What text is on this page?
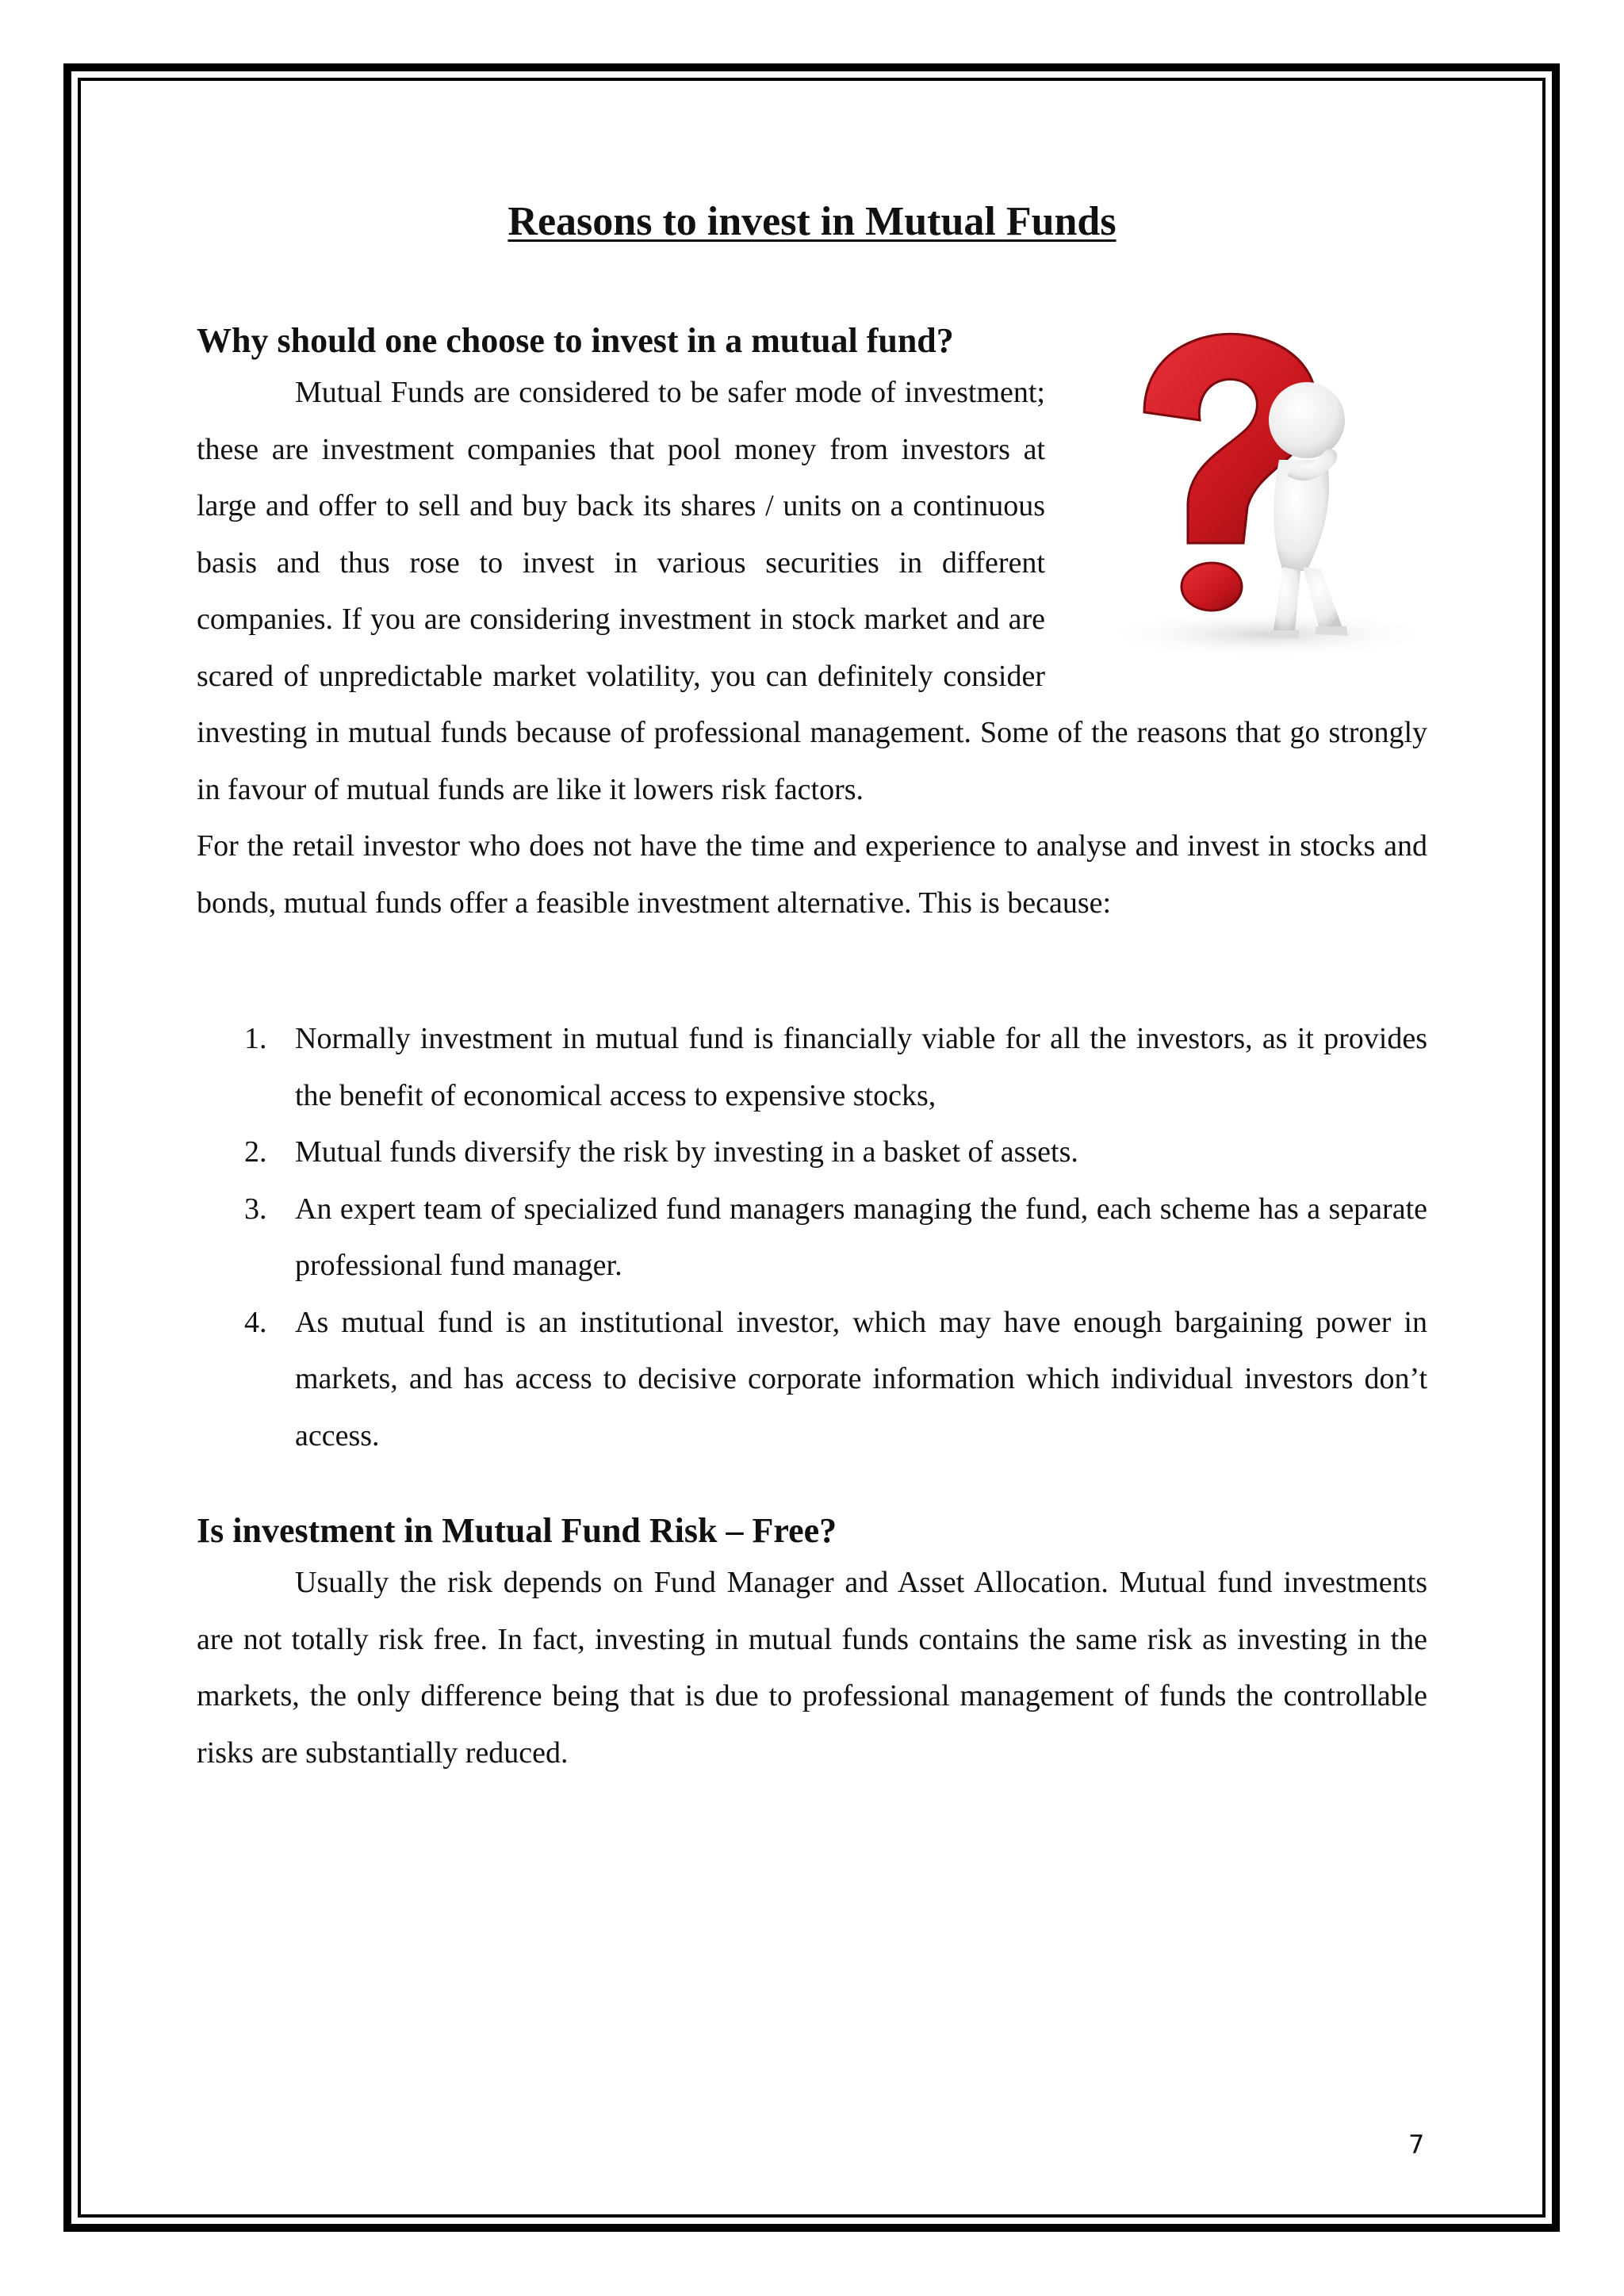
Reasons to invest in Mutual Funds
Why should one choose to invest in a mutual fund?

Mutual Funds are considered to be safer mode of investment; these are investment companies that pool money from investors at large and offer to sell and buy back its shares / units on a continuous basis and thus rose to invest in various securities in different companies. If you are considering investment in stock market and are scared of unpredictable market volatility, you can definitely consider investing in mutual funds because of professional management. Some of the reasons that go strongly in favour of mutual funds are like it lowers risk factors.

For the retail investor who does not have the time and experience to analyse and invest in stocks and bonds, mutual funds offer a feasible investment alternative. This is because:

1. Normally investment in mutual fund is financially viable for all the investors, as it provides the benefit of economical access to expensive stocks,
2. Mutual funds diversify the risk by investing in a basket of assets.
3. An expert team of specialized fund managers managing the fund, each scheme has a separate professional fund manager.
4. As mutual fund is an institutional investor, which may have enough bargaining power in markets, and has access to decisive corporate information which individual investors don’t access.
Is investment in Mutual Fund Risk – Free?

Usually the risk depends on Fund Manager and Asset Allocation. Mutual fund investments are not totally risk free. In fact, investing in mutual funds contains the same risk as investing in the markets, the only difference being that is due to professional management of funds the controllable risks are substantially reduced.

7
